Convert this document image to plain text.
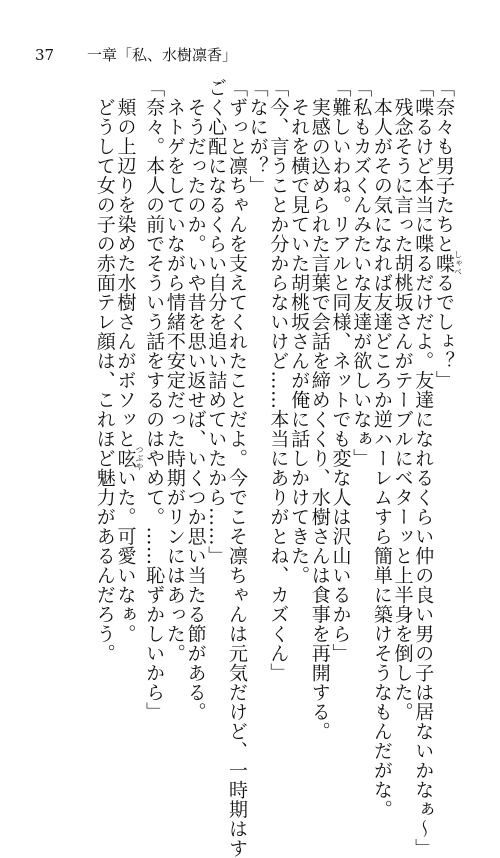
37 一章「私、水樹凛香」
「奈々も男子たちと喋しゃべるでしょ？」
「喋るけど本当に喋るだけだよ。友達になれるくらい仲の良い男の子は居ないかなぁ〜」
　残念そうに言った胡桃坂さんがテーブルにベターッと上半身を倒した。
　本人がその気になれば友達どころか逆ハーレムすら簡単に築けそうなもんだがな。
「私もカズくんみたいな友達が欲しいなぁ」
「難しいわね。リアルと同様、ネットでも変な人は沢山いるから」
　実感の込められた言葉で会話を締めくくり、水樹さんは食事を再開する。
　それを横で見ていた胡桃坂さんが俺に話しかけてきた。
「今、言うことか分からないけど……本当にありがとね、カズくん」
「なにが？」
「ずっと凛ちゃんを支えてくれたことだよ。今でこそ凛ちゃんは元気だけど、一時期はす
ごく心配になるくらい自分を追い詰めていたから……」
　そうだったのか。いや昔を思い返せば、いくつか思い当たる節がある。
　ネトゲをしていながら情緒不安定だった時期がリンにはあった。
「奈々。本人の前でそういう話をするのはやめて。……恥ずかしいから」
　頬の上辺りを染めた水樹さんがボソッと呟つぶやいた。可愛いなぁ。
　どうして女の子の赤面テレ顔は、これほど魅力があるんだろう。
